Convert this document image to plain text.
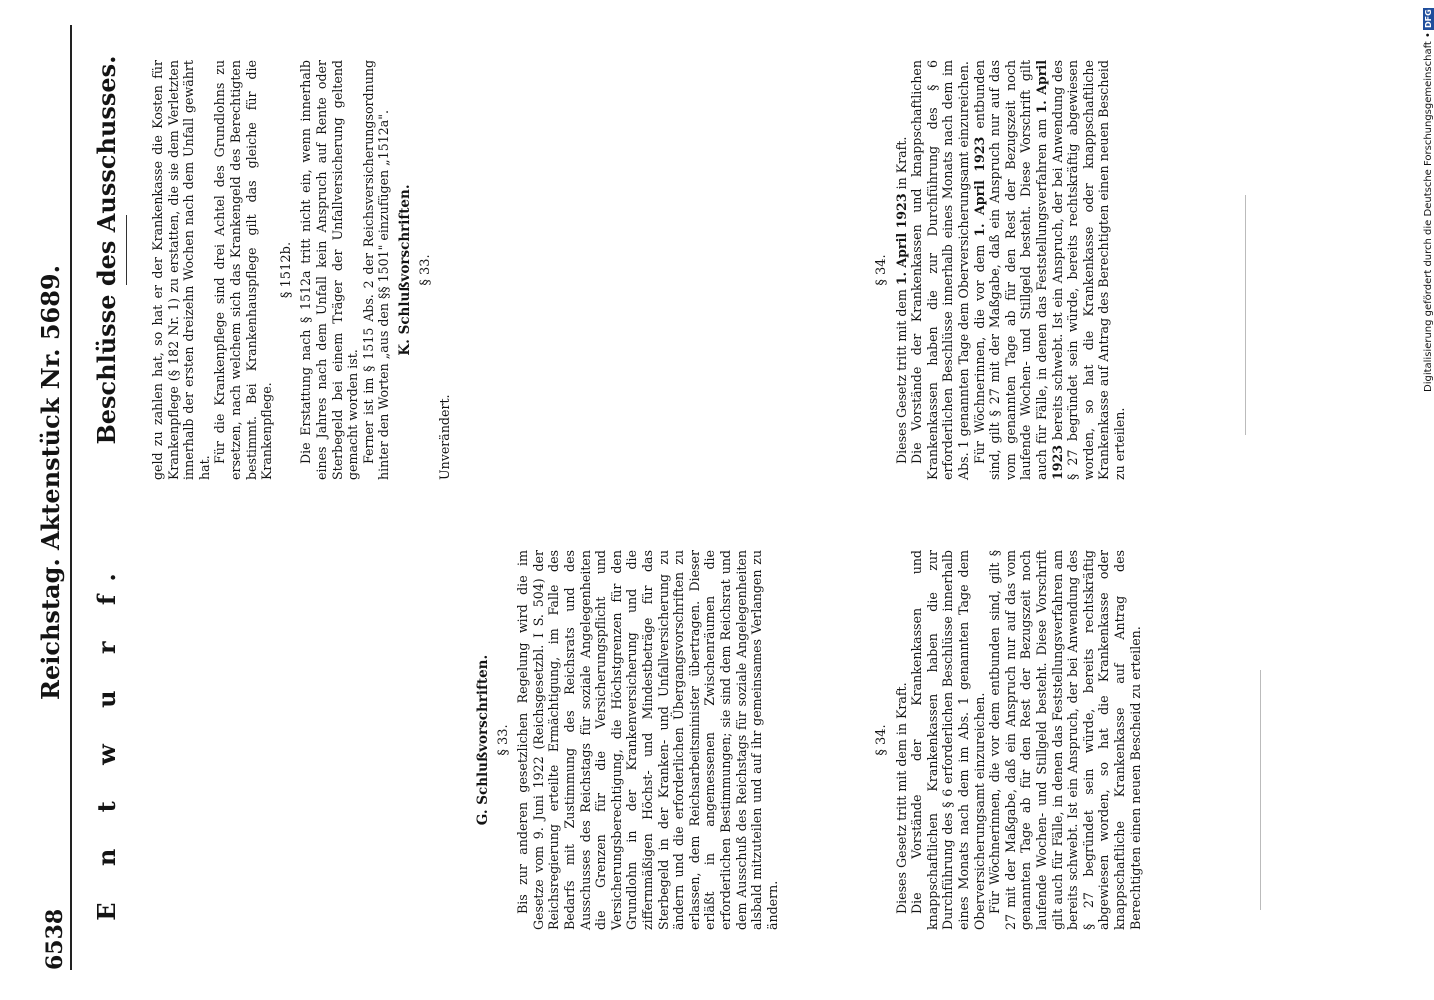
6538
Reichstag. Aktenstück Nr. 5689.
E n t w u r f.
Beschlüsse des Ausschusses. geld zu zahlen hat, so hat er der Krankenkasse die Kosten für Krankenpflege (§ 182 Nr. 1) zu erstatten, die sie dem Verletzten innerhalb der ersten dreizehn Wochen nach dem Unfall gewährt hat.

Für die Krankenpflege sind drei Achtel des Grundlohns zu ersetzen, nach welchem sich das Krankengeld des Berechtigten bestimmt. Bei Krankenhauspflege gilt das gleiche für die Krankenpflege.

§ 1512b. Die Erstattung nach § 1512a tritt nicht ein, wenn innerhalb eines Jahres nach dem Unfall kein Anspruch auf Rente oder Sterbegeld bei einem Träger der Unfallversicherung geltend gemacht worden ist. Ferner ist im § 1515 Abs. 2 der Reichsversicherungsordnung hinter den Worten „aus den §§ 1501" einzufügen „1512a". K. Schlußvorschriften. § 33.

Unverändert.

G. Schlußvorschriften. § 33. Bis zur anderen gesetzlichen Regelung wird die im Gesetze vom 9. Juni 1922 (Reichsgesetzbl. I S. 504) der Reichsregierung erteilte Ermächtigung, im Falle des Bedarfs mit Zustimmung des Reichsrats und des Ausschusses des Reichstags für soziale Angelegenheiten die Grenzen für die Versicherungspflicht und Versicherungsberechtigung, die Höchstgrenzen für den Grundlohn in der Krankenversicherung und die ziffernmäßigen Höchst- und Mindestbeträge für das Sterbegeld in der Kranken- und Unfallversicherung zu ändern und die erforderlichen Übergangsvorschriften zu erlassen, dem Reichsarbeitsminister übertragen. Dieser erläßt in angemessenen Zwischenräumen die erforderlichen Bestimmungen; sie sind dem Reichsrat und dem Ausschuß des Reichstags für soziale Angelegenheiten alsbald mitzuteilen und auf ihr gemeinsames Verlangen zu ändern.

§ 34. Dieses Gesetz tritt mit dem in Kraft. Die Vorstände der Krankenkassen und knappschaftlichen Krankenkassen haben die zur Durchführung des § 6 erforderlichen Beschlüsse innerhalb eines Monats nach dem im Abs. 1 genannten Tage dem Oberversicherungsamt einzureichen. Für Wöchnerinnen, die vor dem entbunden sind, gilt § 27 mit der Maßgabe, daß ein Anspruch nur auf das vom genannten Tage ab für den Rest der Bezugszeit noch laufende Wochen- und Stillgeld besteht. Diese Vorschrift gilt auch für Fälle, in denen das Feststellungsverfahren am bereits schwebt. Ist ein Anspruch, der bei Anwendung des § 27 begründet sein würde, bereits rechtskräftig abgewiesen worden, so hat die Krankenkasse oder knappschaftliche Krankenkasse auf Antrag des Berechtigten einen neuen Bescheid zu erteilen.

§ 34.

Dieses Gesetz tritt mit dem 1. April 1923 in Kraft. Die Vorstände der Krankenkassen und knappschaftlichen Krankenkassen haben die zur Durchführung des § 6 erforderlichen Beschlüsse innerhalb eines Monats nach dem im Abs. 1 genannten Tage dem Oberversicherungsamt einzureichen. Für Wöchnerinnen, die vor dem 1. April 1923 entbunden sind, gilt § 27 mit der Maßgabe, daß ein Anspruch nur auf das vom genannten Tage ab für den Rest der Bezugszeit noch laufende Wochen- und Stillgeld besteht. Diese Vorschrift gilt auch für Fälle, in denen das Feststellungsverfahren am 1. April 1923 bereits schwebt. Ist ein Anspruch, der bei Anwendung des § 27 begründet sein würde, bereits rechtskräftig abgewiesen worden, so hat die Krankenkasse oder knappschaftliche Krankenkasse auf Antrag des Berechtigten einen neuen Bescheid zu erteilen.

DFG
Digitalisierung gefördert durch die Deutsche Forschungsgemeinschaft •
